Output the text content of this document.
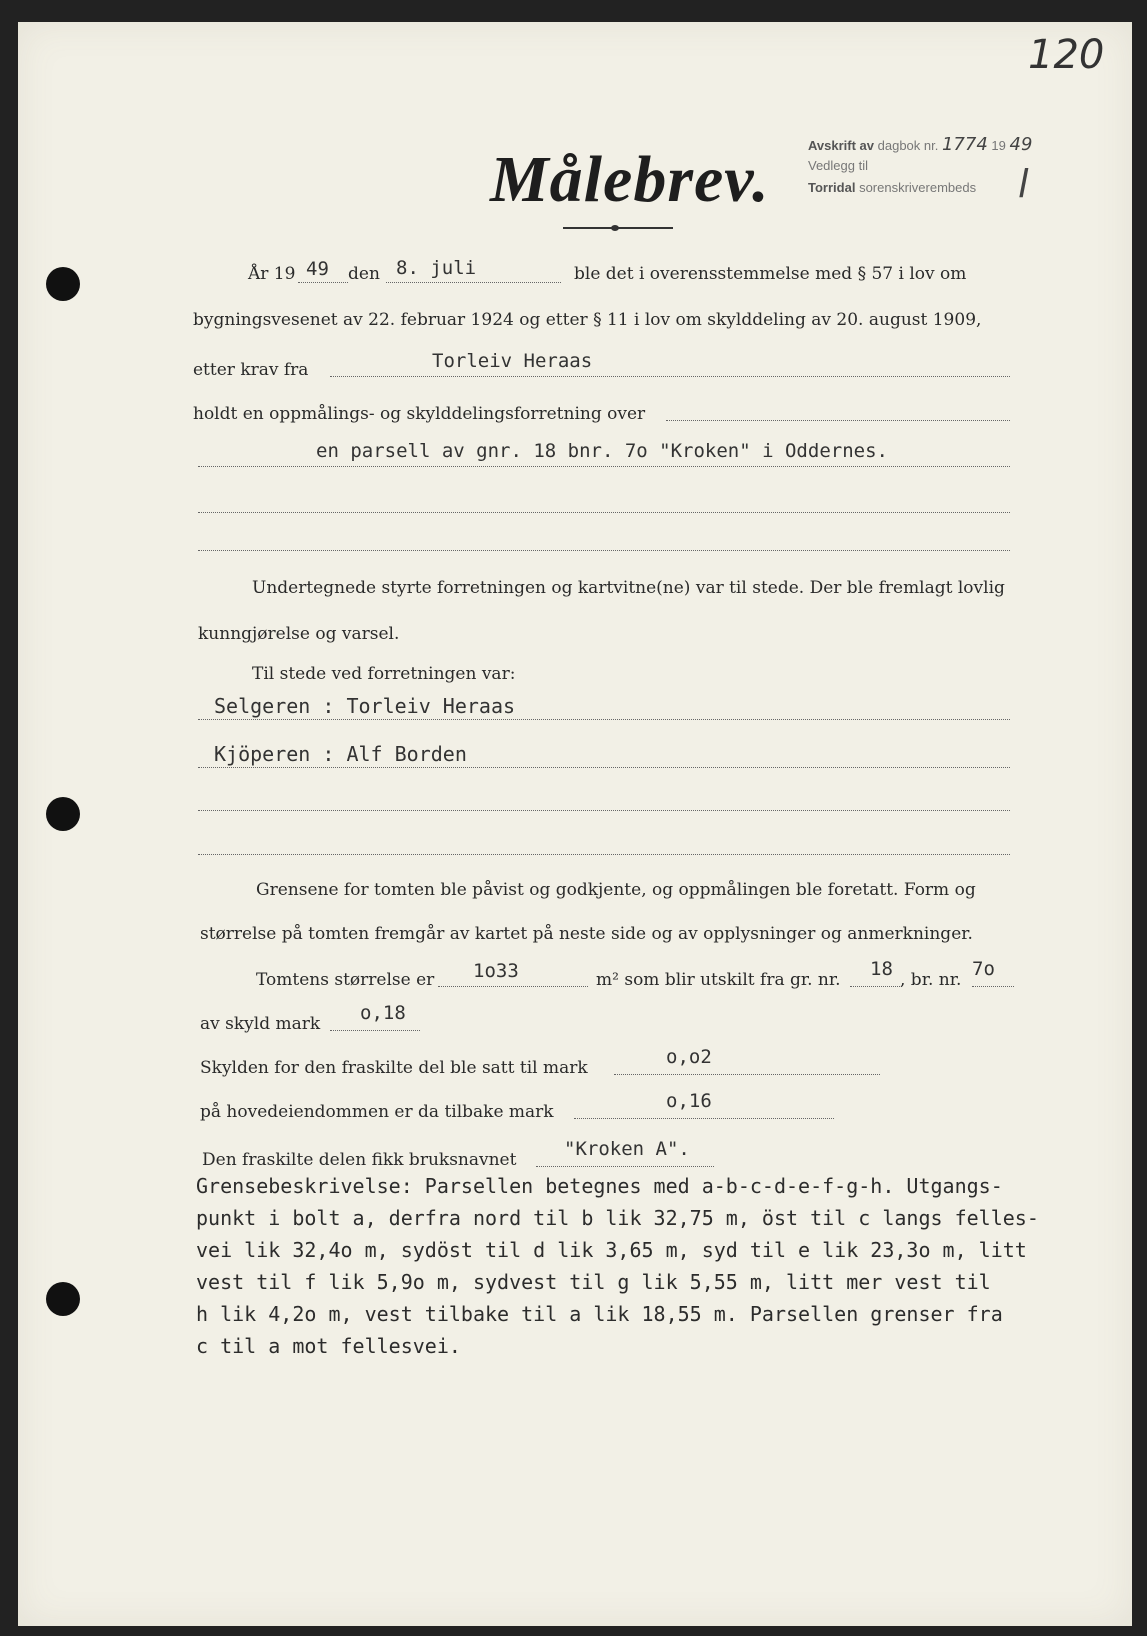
120
Målebrev.	Avskrift av dagbok nr. 1774 19 49
Vedlegg til
Torridal sorenskriverembeds l
År 19 49 den 8. juli	ble det i overensstemmelse med § 57 i lov om
bygningsvesenet av 22. februar 1924 og etter § 11 i lov om skylddeling av 20. august 1909,
etter krav fra	Torleiv Heraas
holdt en oppmålings- og skylddelingsforretning over
en parsell av gnr. 18 bnr. 7o "Kroken" i Oddernes.
Undertegnede styrte forretningen og kartvitne(ne) var til stede. Der ble fremlagt lovlig
kunngjørelse og varsel.
Til stede ved forretningen var:
Selgeren : Torleiv Heraas
Kjöperen : Alf Borden
Grensene for tomten ble påvist og godkjente, og oppmålingen ble foretatt. Form og
størrelse på tomten fremgår av kartet på neste side og av opplysninger og anmerkninger.
Tomtens størrelse er 1o33	m² som blir utskilt fra gr. nr. 18 , br. nr. 7o
av skyld mark o,18
Skylden for den fraskilte del ble satt til mark	o,o2
på hovedeiendommen er da tilbake mark	o,16
Den fraskilte delen fikk bruksnavnet	"Kroken A".
Grensebeskrivelse: Parsellen betegnes med a-b-c-d-e-f-g-h. Utgangs-
punkt i bolt a, derfra nord til b lik 32,75 m, öst til c langs felles-
vei lik 32,4o m, sydöst til d lik 3,65 m, syd til e lik 23,3o m, litt
vest til f lik 5,9o m, sydvest til g lik 5,55 m, litt mer vest til
h lik 4,2o m, vest tilbake til a lik 18,55 m. Parsellen grenser fra
c til a mot fellesvei.
